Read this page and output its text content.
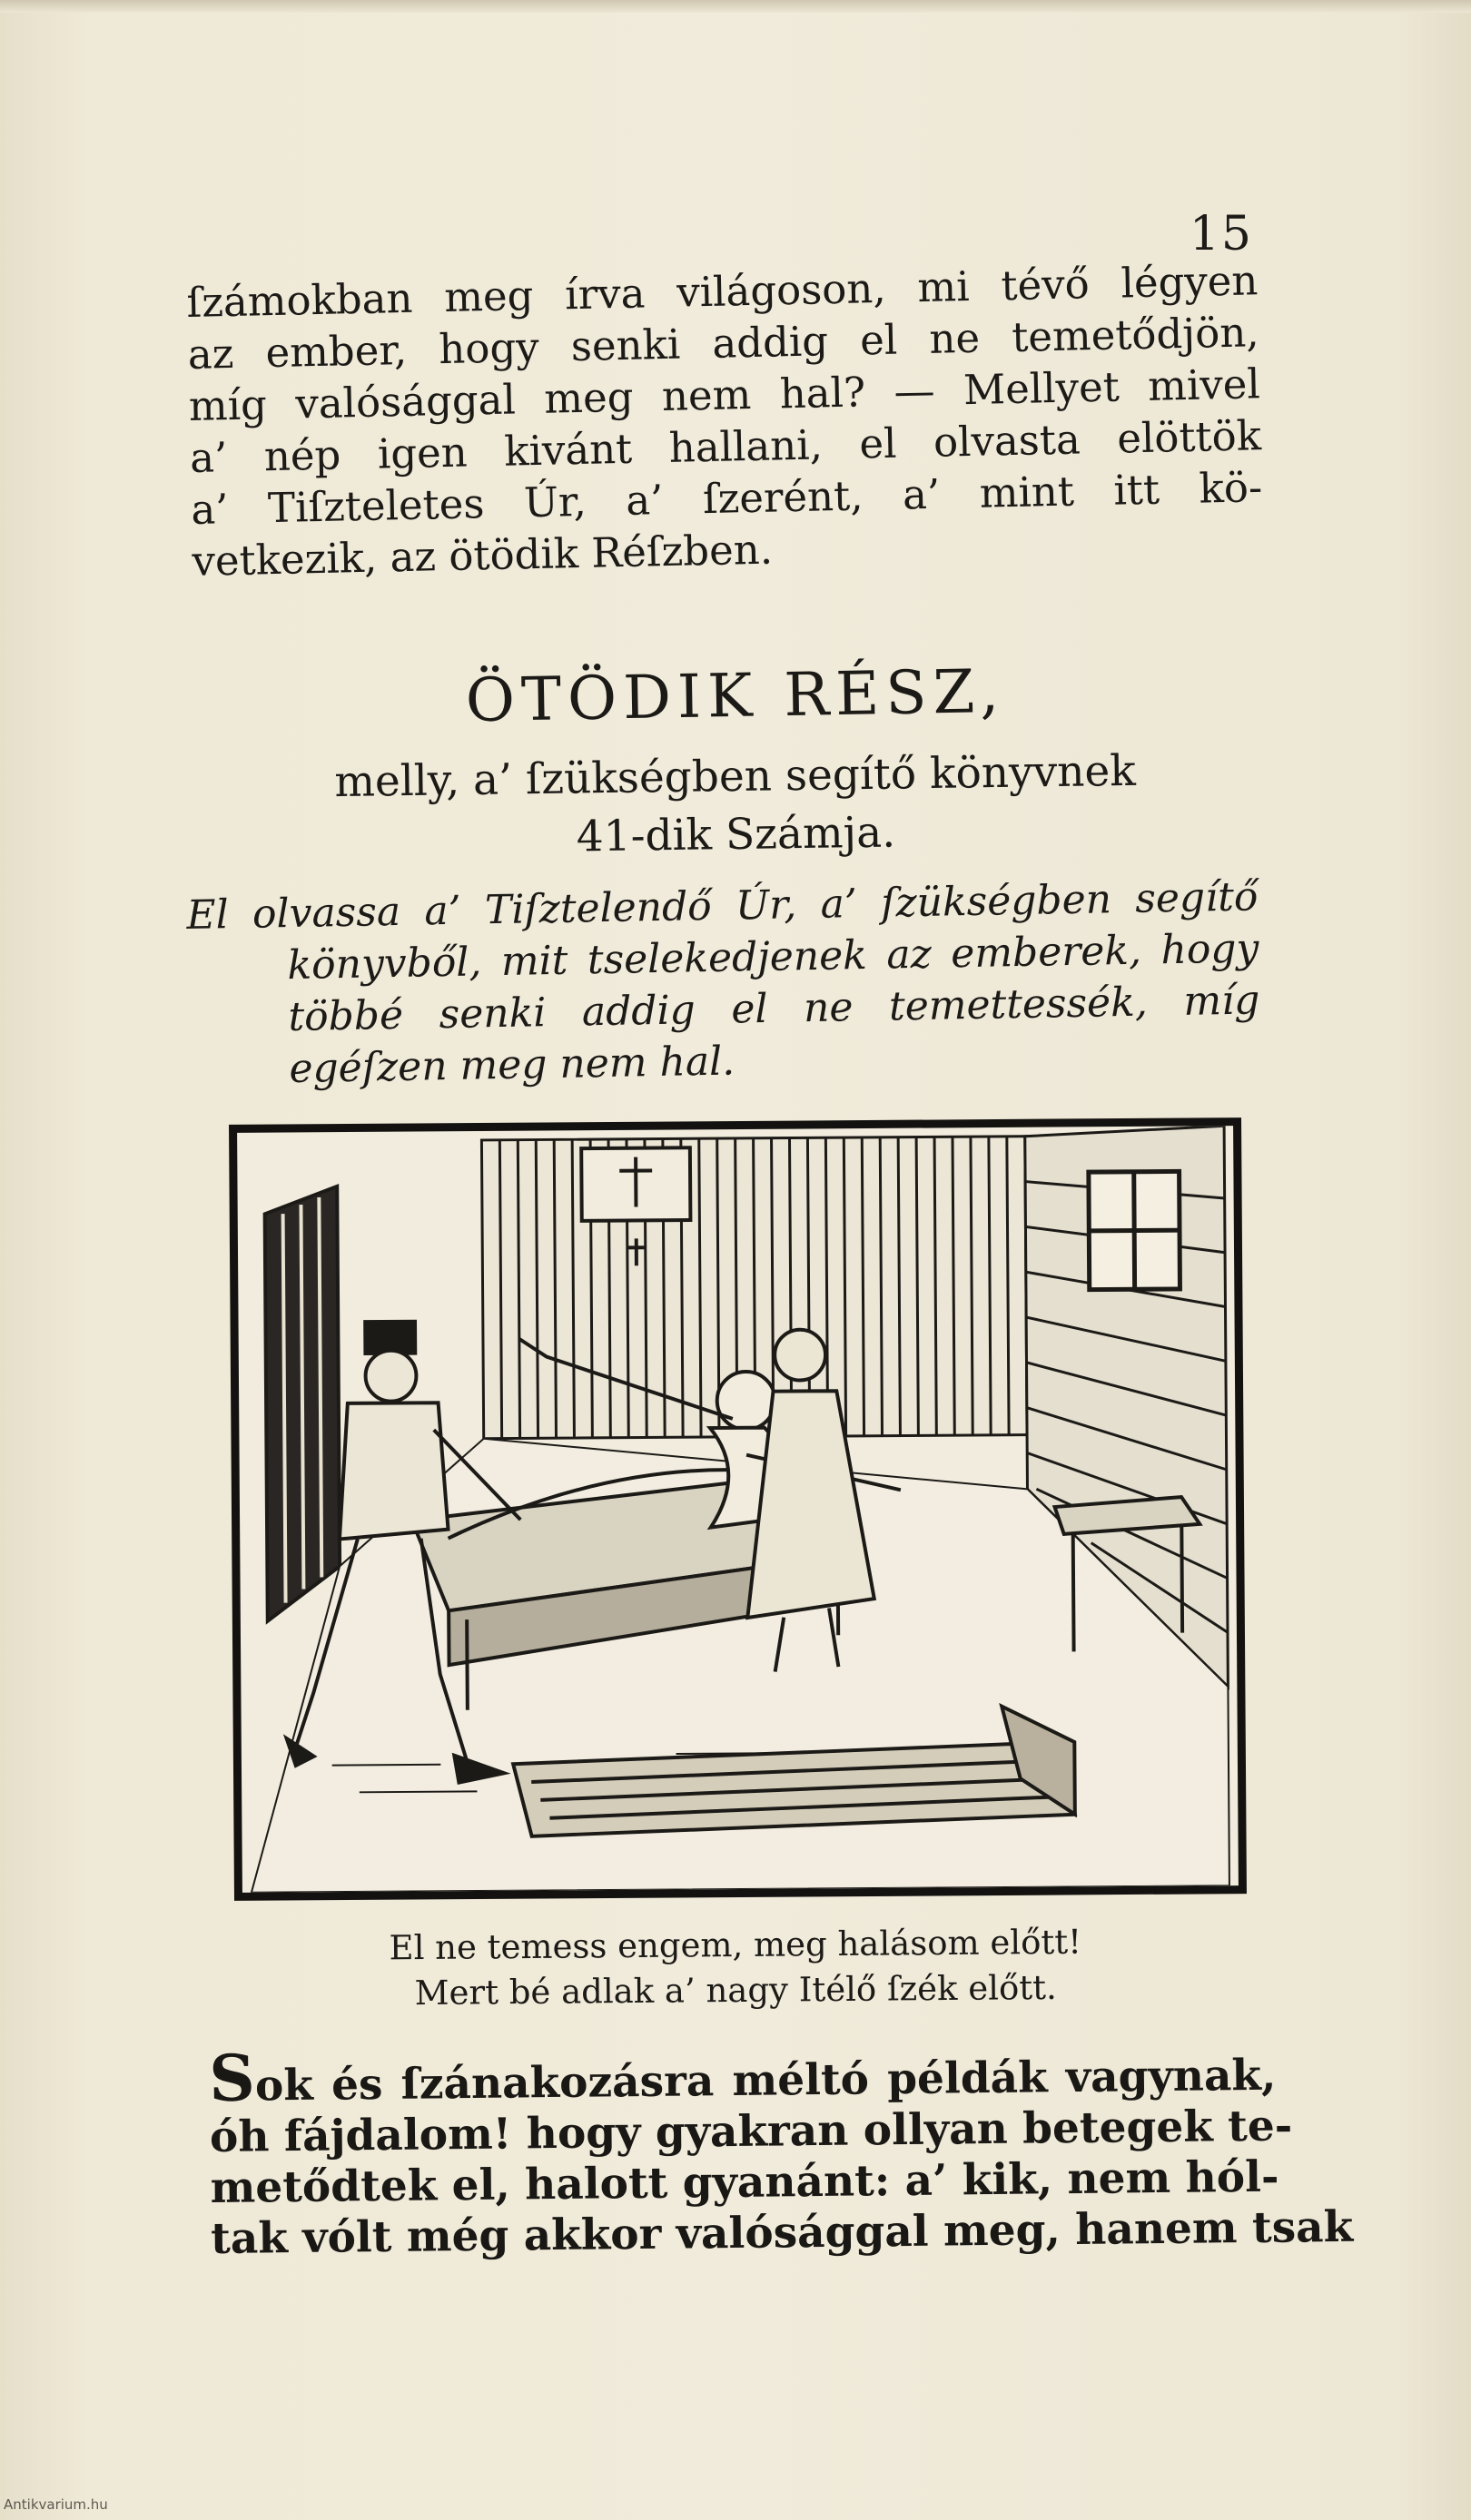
15
ſzámokban meg írva világoson, mi tévő légyen
az ember, hogy senki addig el ne temetődjön,
míg valósággal meg nem hal? — Mellyet mivel
a’ nép igen kivánt hallani, el olvasta elöttök
a’ Tiſzteletes Úr, a’ ſzerént, a’ mint itt kö-
vetkezik, az ötödik Réſzben.
ÖTÖDIK RÉSZ,
melly, a’ ſzükségben segítő könyvnek
41-dik Számja.
El olvassa a’ Tiſztelendő Úr, a’ ſzükségben segítő
könyvből, mit tselekedjenek az emberek, hogy
többé senki addig el ne temettessék, míg
egéſzen meg nem hal.
El ne temess engem, meg halásom előtt!
Mert bé adlak a’ nagy Itélő ſzék előtt.
Sok és ſzánakozásra méltó példák vagynak,
óh fájdalom! hogy gyakran ollyan betegek te-
metődtek el, halott gyanánt: a’ kik, nem hól-
tak vólt még akkor valósággal meg, hanem tsak
Antikvarium.hu
